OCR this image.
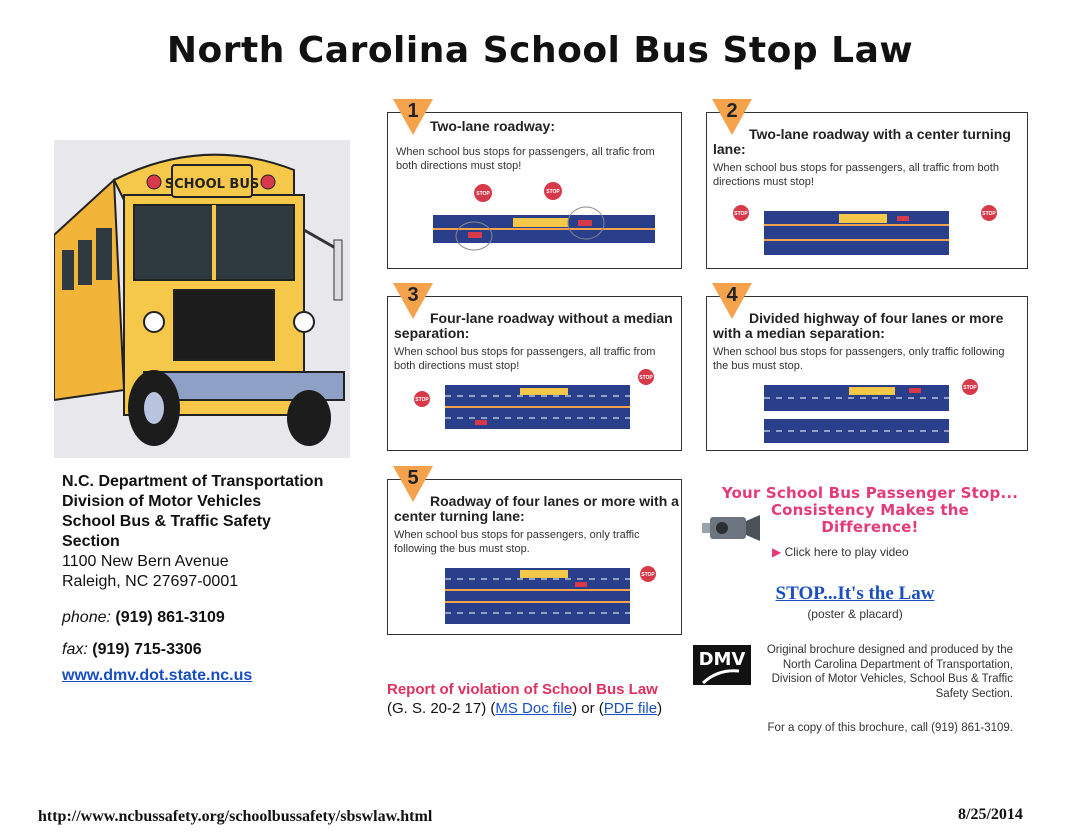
North Carolina School Bus Stop Law
SCHOOL BUS
N.C. Department of Transportation
Division of Motor Vehicles
School Bus & Traffic Safety
Section
1100 New Bern Avenue
Raleigh, NC 27697-0001
phone: (919) 861-3109
fax: (919) 715-3306
www.dmv.dot.state.nc.us
1
Two-lane roadway:
When school bus stops for passengers, all trafic from both directions must stop!
STOP	STOP
2
Two-lane roadway with a center turning lane:
When school bus stops for passengers, all traffic from both directions must stop!
STOP	STOP
3
Four-lane roadway without a median separation:
When school bus stops for passengers, all traffic from both directions must stop!
STOP
STOP
4
Divided highway of four lanes or more with a median separation:
When school bus stops for passengers, only traffic following the bus must stop.
STOP
5
Roadway of four lanes or more with a center turning lane:
When school bus stops for passengers, only traffic following the bus must stop.
STOP
Report of violation of School Bus Law (G. S. 20-2 17) (MS Doc file) or (PDF file)
Your School Bus Passenger Stop...
Consistency Makes the
Difference!
▶ Click here to play video
STOP...It's the Law
(poster & placard)
DMV	Original brochure designed and produced by the North Carolina Department of Transportation, Division of Motor Vehicles, School Bus & Traffic Safety Section.
For a copy of this brochure, call (919) 861-3109.
http://www.ncbussafety.org/schoolbussafety/sbswlaw.html	8/25/2014
